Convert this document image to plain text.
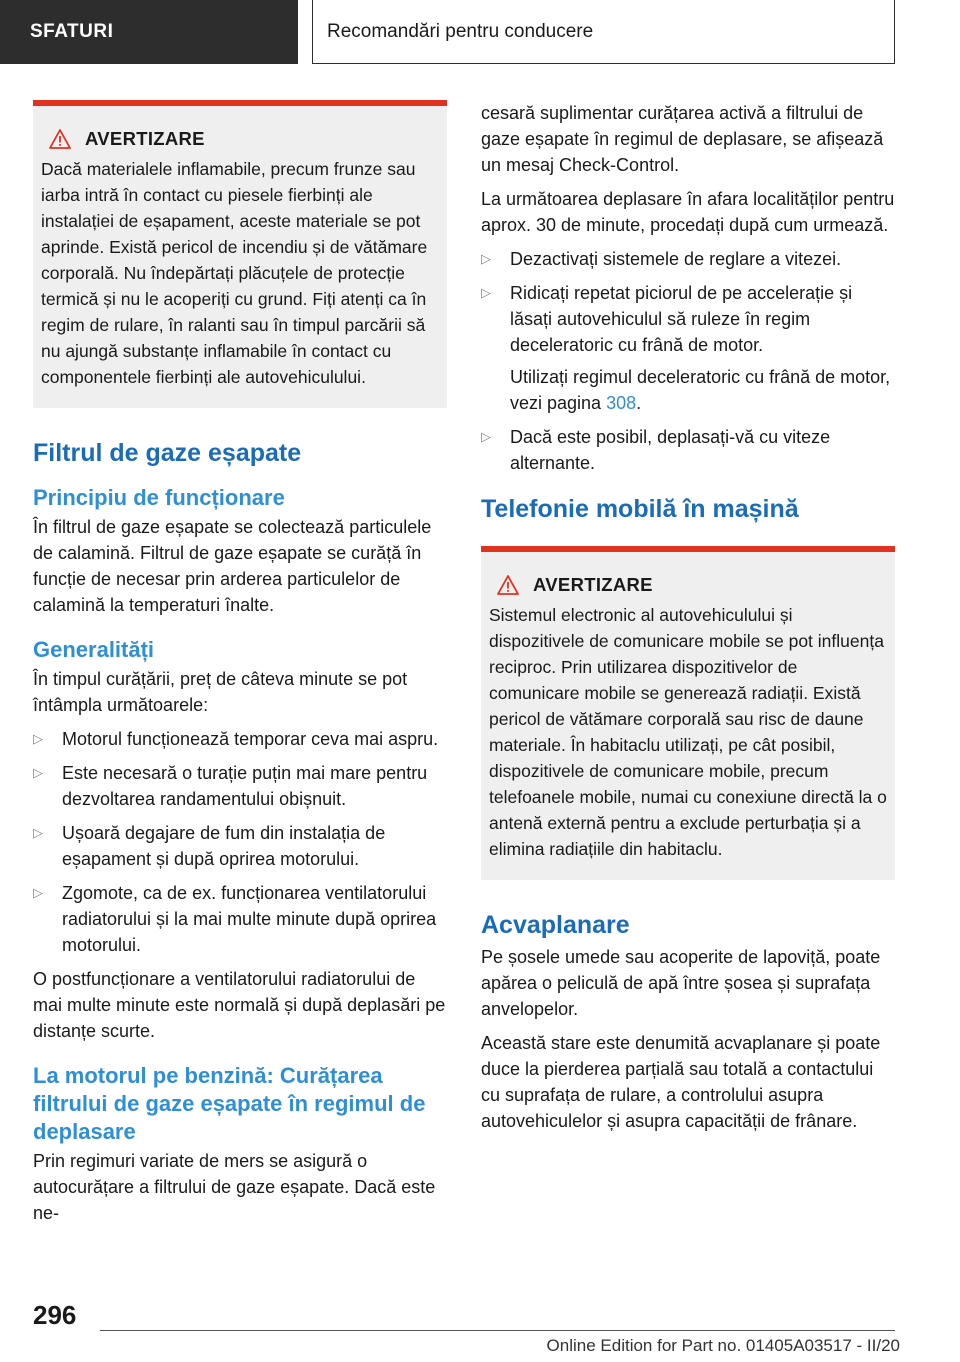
SFATURI	Recomandări pentru conducere
AVERTIZARE

Dacă materialele inflamabile, precum frunze sau iarba intră în contact cu piesele fierbinți ale instalației de eșapament, aceste materiale se pot aprinde. Există pericol de incendiu și de vătămare corporală. Nu îndepărtați plăcuțele de protecție termică și nu le acoperiți cu grund. Fiți atenți ca în regim de rulare, în ralanti sau în timpul parcării să nu ajungă substanțe inflamabile în contact cu componentele fierbinți ale autovehiculului.

Filtrul de gaze eșapate
Principiu de funcționare

În filtrul de gaze eșapate se colectează particulele de calamină. Filtrul de gaze eșapate se curăță în funcție de necesar prin arderea particulelor de calamină la temperaturi înalte.

Generalități

În timpul curățării, preț de câteva minute se pot întâmpla următoarele:

▷ Motorul funcționează temporar ceva mai aspru.
▷ Este necesară o turație puțin mai mare pentru dezvoltarea randamentului obișnuit.
▷ Ușoară degajare de fum din instalația de eșapament și după oprirea motorului.
▷ Zgomote, ca de ex. funcționarea ventilatorului radiatorului și la mai multe minute după oprirea motorului.

O postfuncționare a ventilatorului radiatorului de mai multe minute este normală și după deplasări pe distanțe scurte.

La motorul pe benzină: Curățarea filtrului de gaze eșapate în regimul de deplasare

Prin regimuri variate de mers se asigură o autocurățare a filtrului de gaze eșapate. Dacă este ne-

cesară suplimentar curățarea activă a filtrului de gaze eșapate în regimul de deplasare, se afișează un mesaj Check-Control.

La următoarea deplasare în afara localităților pentru aprox. 30 de minute, procedați după cum urmează.

▷ Dezactivați sistemele de reglare a vitezei.
▷ Ridicați repetat piciorul de pe accelerație și lăsați autovehiculul să ruleze în regim deceleratoric cu frână de motor.
Utilizați regimul deceleratoric cu frână de motor, vezi pagina 308.
▷ Dacă este posibil, deplasați-vă cu viteze alternante.
Telefonie mobilă în mașină
AVERTIZARE

Sistemul electronic al autovehiculului și dispozitivele de comunicare mobile se pot influența reciproc. Prin utilizarea dispozitivelor de comunicare mobile se generează radiații. Există pericol de vătămare corporală sau risc de daune materiale. În habitaclu utilizați, pe cât posibil, dispozitivele de comunicare mobile, precum telefoanele mobile, numai cu conexiune directă la o antenă externă pentru a exclude perturbația și a elimina radiațiile din habitaclu.

Acvaplanare

Pe șosele umede sau acoperite de lapoviță, poate apărea o peliculă de apă între șosea și suprafața anvelopelor.

Această stare este denumită acvaplanare și poate duce la pierderea parțială sau totală a contactului cu suprafața de rulare, a controlului asupra autovehiculelor și asupra capacității de frânare.

296
Online Edition for Part no. 01405A03517 - II/20
